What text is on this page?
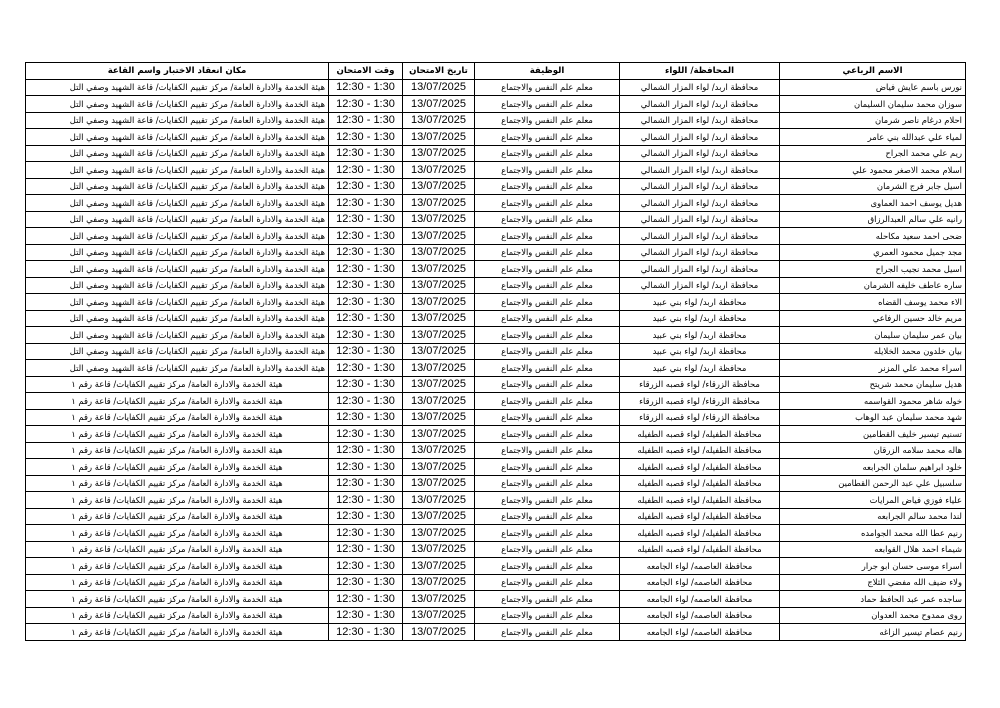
الاسم الرباعي	المحافظة/ اللواء	الوظيفة	تاريخ الامتحان	وقت الامتحان	مكان انعقاد الاختبار واسم القاعة
نورس باسم عايش فياض	محافظة اربد/ لواء المزار الشمالي	معلم علم النفس والاجتماع	13/07/2025	12:30 - 1:30	هيئة الخدمة والادارة العامة/ مركز تقييم الكفايات/ قاعة الشهيد وصفي التل
سوزان محمد سليمان السليمان	محافظة اربد/ لواء المزار الشمالي	معلم علم النفس والاجتماع	13/07/2025	12:30 - 1:30	هيئة الخدمة والادارة العامة/ مركز تقييم الكفايات/ قاعة الشهيد وصفي التل
احلام درغام ناصر شرمان	محافظة اربد/ لواء المزار الشمالي	معلم علم النفس والاجتماع	13/07/2025	12:30 - 1:30	هيئة الخدمة والادارة العامة/ مركز تقييم الكفايات/ قاعة الشهيد وصفي التل
لمياء علي عبدالله بني عامر	محافظة اربد/ لواء المزار الشمالي	معلم علم النفس والاجتماع	13/07/2025	12:30 - 1:30	هيئة الخدمة والادارة العامة/ مركز تقييم الكفايات/ قاعة الشهيد وصفي التل
ريم علي محمد الجراح	محافظة اربد/ لواء المزار الشمالي	معلم علم النفس والاجتماع	13/07/2025	12:30 - 1:30	هيئة الخدمة والادارة العامة/ مركز تقييم الكفايات/ قاعة الشهيد وصفي التل
اسلام محمد الاصغر محمود علي	محافظة اربد/ لواء المزار الشمالي	معلم علم النفس والاجتماع	13/07/2025	12:30 - 1:30	هيئة الخدمة والادارة العامة/ مركز تقييم الكفايات/ قاعة الشهيد وصفي التل
اسيل جابر فرج الشرمان	محافظة اربد/ لواء المزار الشمالي	معلم علم النفس والاجتماع	13/07/2025	12:30 - 1:30	هيئة الخدمة والادارة العامة/ مركز تقييم الكفايات/ قاعة الشهيد وصفي التل
هديل يوسف احمد العماوى	محافظة اربد/ لواء المزار الشمالي	معلم علم النفس والاجتماع	13/07/2025	12:30 - 1:30	هيئة الخدمة والادارة العامة/ مركز تقييم الكفايات/ قاعة الشهيد وصفي التل
رانيه علي سالم العبدالرزاق	محافظة اربد/ لواء المزار الشمالي	معلم علم النفس والاجتماع	13/07/2025	12:30 - 1:30	هيئة الخدمة والادارة العامة/ مركز تقييم الكفايات/ قاعة الشهيد وصفي التل
ضحى احمد سعيد مكاحله	محافظة اربد/ لواء المزار الشمالي	معلم علم النفس والاجتماع	13/07/2025	12:30 - 1:30	هيئة الخدمة والادارة العامة/ مركز تقييم الكفايات/ قاعة الشهيد وصفي التل
مجد جميل محمود العمري	محافظة اربد/ لواء المزار الشمالي	معلم علم النفس والاجتماع	13/07/2025	12:30 - 1:30	هيئة الخدمة والادارة العامة/ مركز تقييم الكفايات/ قاعة الشهيد وصفي التل
اسيل محمد نجيب الجراح	محافظة اربد/ لواء المزار الشمالي	معلم علم النفس والاجتماع	13/07/2025	12:30 - 1:30	هيئة الخدمة والادارة العامة/ مركز تقييم الكفايات/ قاعة الشهيد وصفي التل
ساره عاطف خليفه الشرمان	محافظة اربد/ لواء المزار الشمالي	معلم علم النفس والاجتماع	13/07/2025	12:30 - 1:30	هيئة الخدمة والادارة العامة/ مركز تقييم الكفايات/ قاعة الشهيد وصفي التل
الاء محمد يوسف القضاه	محافظة اربد/ لواء بني عبيد	معلم علم النفس والاجتماع	13/07/2025	12:30 - 1:30	هيئة الخدمة والادارة العامة/ مركز تقييم الكفايات/ قاعة الشهيد وصفي التل
مريم خالد حسين الرفاعي	محافظة اربد/ لواء بني عبيد	معلم علم النفس والاجتماع	13/07/2025	12:30 - 1:30	هيئة الخدمة والادارة العامة/ مركز تقييم الكفايات/ قاعة الشهيد وصفي التل
بيان عمر سليمان سليمان	محافظة اربد/ لواء بني عبيد	معلم علم النفس والاجتماع	13/07/2025	12:30 - 1:30	هيئة الخدمة والادارة العامة/ مركز تقييم الكفايات/ قاعة الشهيد وصفي التل
بيان خلدون محمد الخلايله	محافظة اربد/ لواء بني عبيد	معلم علم النفس والاجتماع	13/07/2025	12:30 - 1:30	هيئة الخدمة والادارة العامة/ مركز تقييم الكفايات/ قاعة الشهيد وصفي التل
اسراء محمد علي المزنر	محافظة اربد/ لواء بني عبيد	معلم علم النفس والاجتماع	13/07/2025	12:30 - 1:30	هيئة الخدمة والادارة العامة/ مركز تقييم الكفايات/ قاعة الشهيد وصفي التل
هديل سليمان محمد شريتح	محافظة الزرقاء/ لواء قصبه الزرقاء	معلم علم النفس والاجتماع	13/07/2025	12:30 - 1:30	هيئة الخدمة والادارة العامة/ مركز تقييم الكفايات/ قاعة رقم ١
خوله شاهر محمود القواسمه	محافظة الزرقاء/ لواء قصبه الزرقاء	معلم علم النفس والاجتماع	13/07/2025	12:30 - 1:30	هيئة الخدمة والادارة العامة/ مركز تقييم الكفايات/ قاعة رقم ١
شهد محمد سليمان عبد الوهاب	محافظة الزرقاء/ لواء قصبه الزرقاء	معلم علم النفس والاجتماع	13/07/2025	12:30 - 1:30	هيئة الخدمة والادارة العامة/ مركز تقييم الكفايات/ قاعة رقم ١
تسنيم تيسير خليف القطامين	محافظة الطفيله/ لواء قصبه الطفيله	معلم علم النفس والاجتماع	13/07/2025	12:30 - 1:30	هيئة الخدمة والادارة العامة/ مركز تقييم الكفايات/ قاعة رقم ١
هاله محمد سلامه الزرقان	محافظة الطفيله/ لواء قصبه الطفيله	معلم علم النفس والاجتماع	13/07/2025	12:30 - 1:30	هيئة الخدمة والادارة العامة/ مركز تقييم الكفايات/ قاعة رقم ١
خلود ابراهيم سلمان الجرابعه	محافظة الطفيله/ لواء قصبه الطفيله	معلم علم النفس والاجتماع	13/07/2025	12:30 - 1:30	هيئة الخدمة والادارة العامة/ مركز تقييم الكفايات/ قاعة رقم ١
سلسبيل علي عبد الرحمن القطامين	محافظة الطفيله/ لواء قصبه الطفيله	معلم علم النفس والاجتماع	13/07/2025	12:30 - 1:30	هيئة الخدمة والادارة العامة/ مركز تقييم الكفايات/ قاعة رقم ١
علياء فوزي فياض المرايات	محافظة الطفيله/ لواء قصبه الطفيله	معلم علم النفس والاجتماع	13/07/2025	12:30 - 1:30	هيئة الخدمة والادارة العامة/ مركز تقييم الكفايات/ قاعة رقم ١
لندا محمد سالم الجرابعه	محافظة الطفيله/ لواء قصبه الطفيله	معلم علم النفس والاجتماع	13/07/2025	12:30 - 1:30	هيئة الخدمة والادارة العامة/ مركز تقييم الكفايات/ قاعة رقم ١
رنيم عطا الله محمد الجوامده	محافظة الطفيله/ لواء قصبه الطفيله	معلم علم النفس والاجتماع	13/07/2025	12:30 - 1:30	هيئة الخدمة والادارة العامة/ مركز تقييم الكفايات/ قاعة رقم ١
شيماء احمد هلال القوابعه	محافظة الطفيله/ لواء قصبه الطفيله	معلم علم النفس والاجتماع	13/07/2025	12:30 - 1:30	هيئة الخدمة والادارة العامة/ مركز تقييم الكفايات/ قاعة رقم ١
اسراء موسى حسان ابو جرار	محافظة العاصمه/ لواء الجامعه	معلم علم النفس والاجتماع	13/07/2025	12:30 - 1:30	هيئة الخدمة والادارة العامة/ مركز تقييم الكفايات/ قاعة رقم ١
ولاء ضيف الله مفضي الثلاج	محافظة العاصمه/ لواء الجامعه	معلم علم النفس والاجتماع	13/07/2025	12:30 - 1:30	هيئة الخدمة والادارة العامة/ مركز تقييم الكفايات/ قاعة رقم ١
ساجده عمر عبد الحافظ حماد	محافظة العاصمه/ لواء الجامعه	معلم علم النفس والاجتماع	13/07/2025	12:30 - 1:30	هيئة الخدمة والادارة العامة/ مركز تقييم الكفايات/ قاعة رقم ١
روى ممدوح محمد العدوان	محافظة العاصمه/ لواء الجامعه	معلم علم النفس والاجتماع	13/07/2025	12:30 - 1:30	هيئة الخدمة والادارة العامة/ مركز تقييم الكفايات/ قاعة رقم ١
رنيم عصام تيسير الزاغه	محافظة العاصمه/ لواء الجامعه	معلم علم النفس والاجتماع	13/07/2025	12:30 - 1:30	هيئة الخدمة والادارة العامة/ مركز تقييم الكفايات/ قاعة رقم ١
